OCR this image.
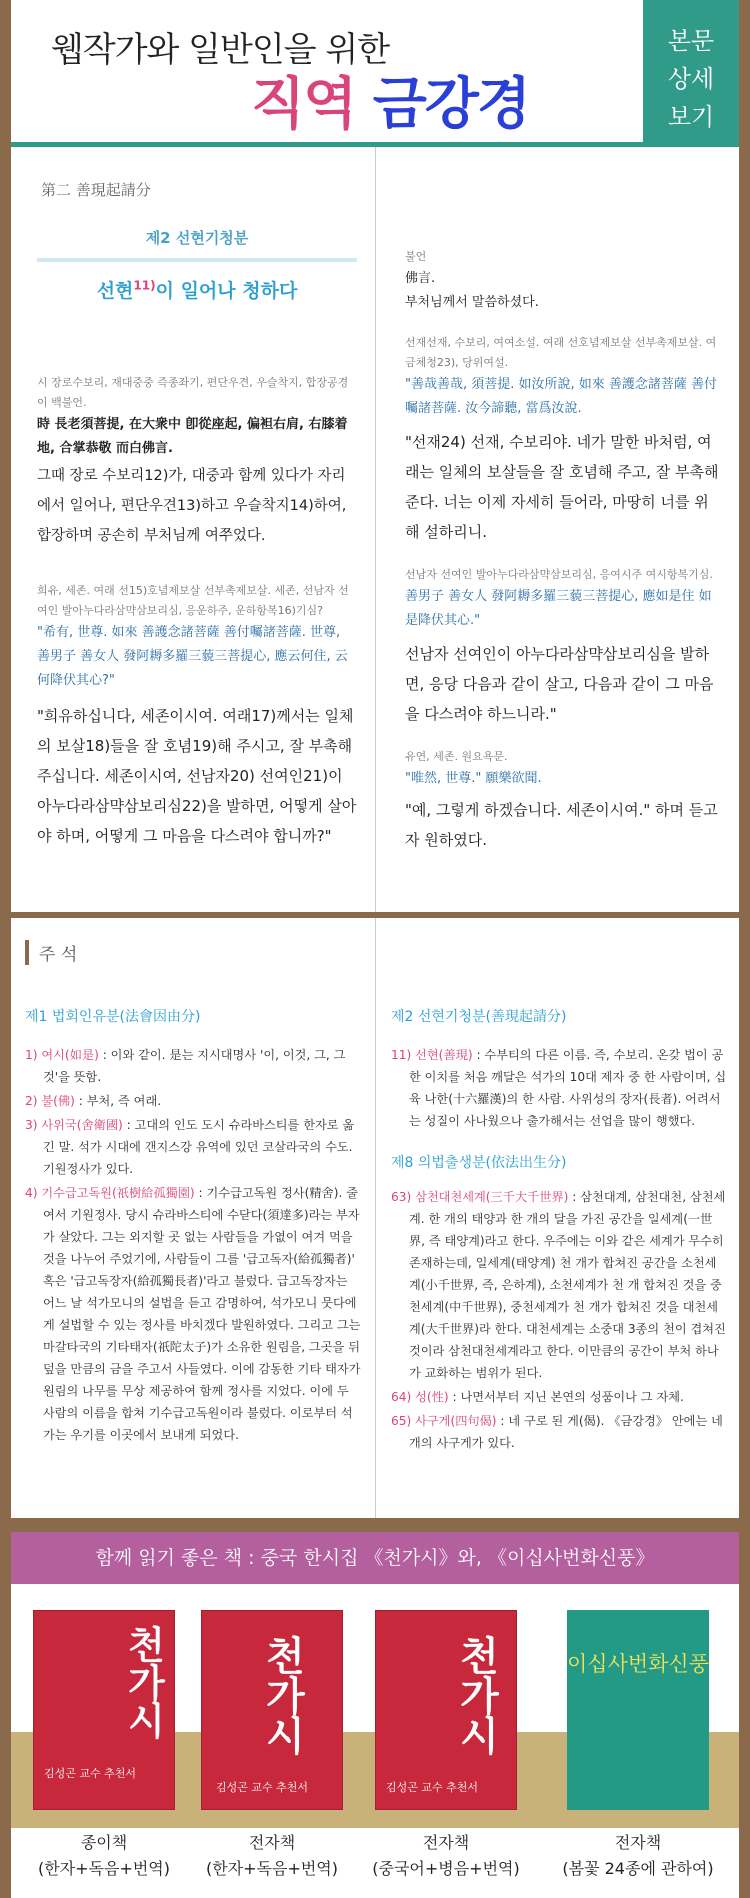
웹작가와 일반인을 위한
직역 금강경
본문
상세
보기
第二 善現起請分
제2 선현기청분
선현$^{11)}$이 일어나 청하다
시 장로수보리, 재대중중 즉종좌기, 편단우견, 우슬착지, 합장공경 이 백불언.
時 長老須菩提, 在大衆中 卽從座起, 偏袒右肩, 右膝着地, 合掌恭敬 而白佛言.
그때 장로 수보리12)가, 대중과 함께 있다가 자리에서 일어나, 편단우견13)하고 우슬착지14)하여, 합장하며 공손히 부처님께 여쭈었다.
희유, 세존. 여래 선15)호념제보살 선부촉제보살. 세존, 선남자 선여인 발아누다라삼먁삼보리심, 응운하주, 운하항복16)기심?
"希有, 世尊. 如來 善護念諸菩薩 善付囑諸菩薩. 世尊, 善男子 善女人 發阿耨多羅三藐三菩提心, 應云何住, 云何降伏其心?"
"희유하십니다, 세존이시여. 여래17)께서는 일체의 보살18)들을 잘 호념19)해 주시고, 잘 부촉해 주십니다. 세존이시여, 선남자20) 선여인21)이 아누다라삼먁삼보리심22)을 발하면, 어떻게 살아야 하며, 어떻게 그 마음을 다스려야 합니까?"
불언
佛言.
부처님께서 말씀하셨다.
선재선재, 수보리, 여여소설. 여래 선호념제보살 선부촉제보살. 여금체청23), 당위여설.
"善哉善哉, 須菩提. 如汝所說, 如來 善護念諸菩薩 善付囑諸菩薩. 汝今諦聽, 當爲汝說.
"선재24) 선재, 수보리야. 네가 말한 바처럼, 여래는 일체의 보살들을 잘 호념해 주고, 잘 부촉해 준다. 너는 이제 자세히 들어라, 마땅히 너를 위해 설하리니.
선남자 선여인 발아누다라삼먁삼보리심, 응여시주 여시항복기심.
善男子 善女人 發阿耨多羅三藐三菩提心, 應如是住 如是降伏其心."
선남자 선여인이 아누다라삼먁삼보리심을 발하면, 응당 다음과 같이 살고, 다음과 같이 그 마음을 다스려야 하느니라."
유연, 세존. 원요욕문.
"唯然, 世尊." 願樂欲聞.
"예, 그렇게 하겠습니다. 세존이시여." 하며 듣고자 원하였다.
주 석
제1 법회인유분(法會因由分)
1) 여시(如是) : 이와 같이. 是는 지시대명사 '이, 이것, 그, 그것'을 뜻함.
2) 불(佛) : 부처, 즉 여래.
3) 사위국(舍衛國) : 고대의 인도 도시 슈라바스티를 한자로 옮긴 말. 석가 시대에 갠지스강 유역에 있던 코살라국의 수도. 기원정사가 있다.
4) 기수급고독원(祇樹給孤獨園) : 기수급고독원 정사(精舍). 줄여서 기원정사. 당시 슈라바스티에 수닫다(須達多)라는 부자가 살았다. 그는 외지할 곳 없는 사람들을 가엾이 여겨 먹을 것을 나누어 주었기에, 사람들이 그를 '급고독자(給孤獨者)' 혹은 '급고독장자(給孤獨長者)'라고 불렀다. 급고독장자는 어느 날 석가모니의 설법을 듣고 감명하여, 석가모니 뭇다에게 설법할 수 있는 정사를 바치겠다 발원하였다. 그리고 그는 마갈타국의 기타태자(祇陀太子)가 소유한 원림을, 그곳을 뒤덮을 만큼의 금을 주고서 사들였다. 이에 감동한 기타 태자가 원림의 나무를 무상 제공하여 함께 정사를 지었다. 이에 두 사람의 이름을 합쳐 기수급고독원이라 불렀다. 이로부터 석가는 우기를 이곳에서 보내게 되었다.
제2 선현기청분(善現起請分)
11) 선현(善現) : 수부티의 다른 이름. 즉, 수보리. 온갖 법이 공한 이치를 처음 깨달은 석가의 10대 제자 중 한 사람이며, 십육 나한(十六羅漢)의 한 사람. 사위성의 장자(長者). 어려서는 성질이 사나웠으나 출가해서는 선업을 많이 행했다.
제8 의법출생분(依法出生分)
63) 삼천대천세계(三千大千世界) : 삼천대계, 삼천대천, 삼천세계. 한 개의 태양과 한 개의 달을 가진 공간을 일세계(一世界, 즉 태양계)라고 한다. 우주에는 이와 같은 세계가 무수히 존재하는데, 일세계(태양계) 천 개가 합쳐진 공간을 소천세계(小千世界, 즉, 은하계), 소천세계가 천 개 합쳐진 것을 중천세계(中千世界), 중천세계가 천 개가 합쳐진 것을 대천세계(大千世界)라 한다. 대천세계는 소중대 3종의 천이 겹쳐진 것이라 삼천대천세계라고 한다. 이만큼의 공간이 부처 하나가 교화하는 범위가 된다.
64) 성(性) : 나면서부터 지닌 본연의 성품이나 그 자체.
65) 사구게(四句偈) : 네 구로 된 게(偈). 《금강경》 안에는 네 개의 사구게가 있다.
함께 읽기 좋은 책 : 중국 한시집 《천가시》와, 《이십사번화신풍》
천가시
김성곤 교수 추천서
천가시
김성곤 교수 추천서
천가시
김성곤 교수 추천서
이십사번화신풍
종이책
(한자+독음+번역)
전자책
(한자+독음+번역)
전자책
(중국어+병음+번역)
전자책
(봄꽃 24종에 관하여)
